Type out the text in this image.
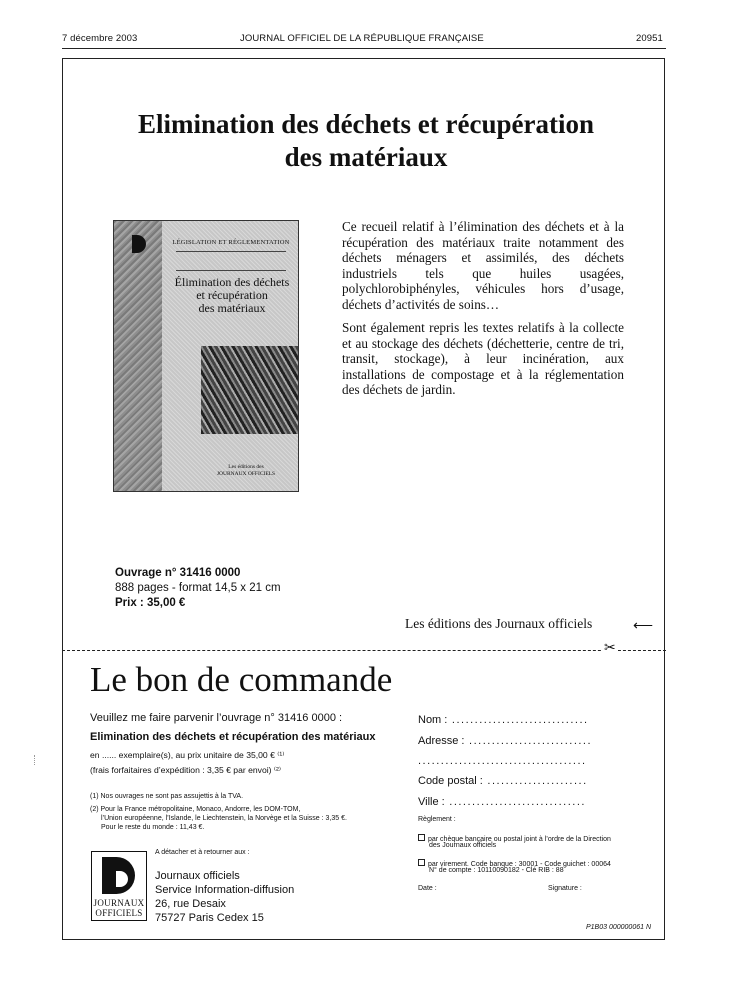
7 décembre 2003	JOURNAL OFFICIEL DE LA RÉPUBLIQUE FRANÇAISE	20951
Elimination des déchets et récupération
des matériaux
LÉGISLATION ET RÉGLEMENTATION
Élimination des déchets
et récupération
des matériaux
Les éditions des
JOURNAUX OFFICIELS
Ce recueil relatif à l’élimination des déchets et à la récupération des matériaux traite notamment des déchets ménagers et assimilés, des déchets industriels tels que huiles usagées, polychlorobiphényles, véhicules hors d’usage, déchets d’activités de soins…
Sont également repris les textes relatifs à la collecte et au stockage des déchets (déchetterie, centre de tri, transit, stockage), à leur incinération, aux installations de compostage et à la réglementation des déchets de jardin.
Ouvrage n° 31416 0000
888 pages - format 14,5 x 21 cm
Prix : 35,00 €
Les éditions des Journaux officiels	⟵
✂
Le bon de commande
Veuillez me faire parvenir l’ouvrage n° 31416 0000 :
Elimination des déchets et récupération des matériaux
en ...... exemplaire(s), au prix unitaire de 35,00 € ⁽¹⁾
(frais forfaitaires d’expédition : 3,35 € par envoi) ⁽²⁾
(1) Nos ouvrages ne sont pas assujettis à la TVA.
(2) Pour la France métropolitaine, Monaco, Andorre, les DOM-TOM,
l’Union européenne, l’Islande, le Liechtenstein, la Norvège et la Suisse : 3,35 €.
Pour le reste du monde : 11,43 €.
A détacher et à retourner aux :
JOURNAUX
OFFICIELS
Journaux officiels
Service Information-diffusion
26, rue Desaix
75727 Paris Cedex 15
Nom : ..............................
Adresse : ...........................
.....................................
Code postal : ......................
Ville : ..............................
Règlement :
par chèque bancaire ou postal joint à l’ordre de la Direction
des Journaux officiels
par virement. Code banque : 30001 - Code guichet : 00064
N° de compte : 10110090182 - Clé RIB : 88
Date :	Signature :
P1B03 000000061 N
